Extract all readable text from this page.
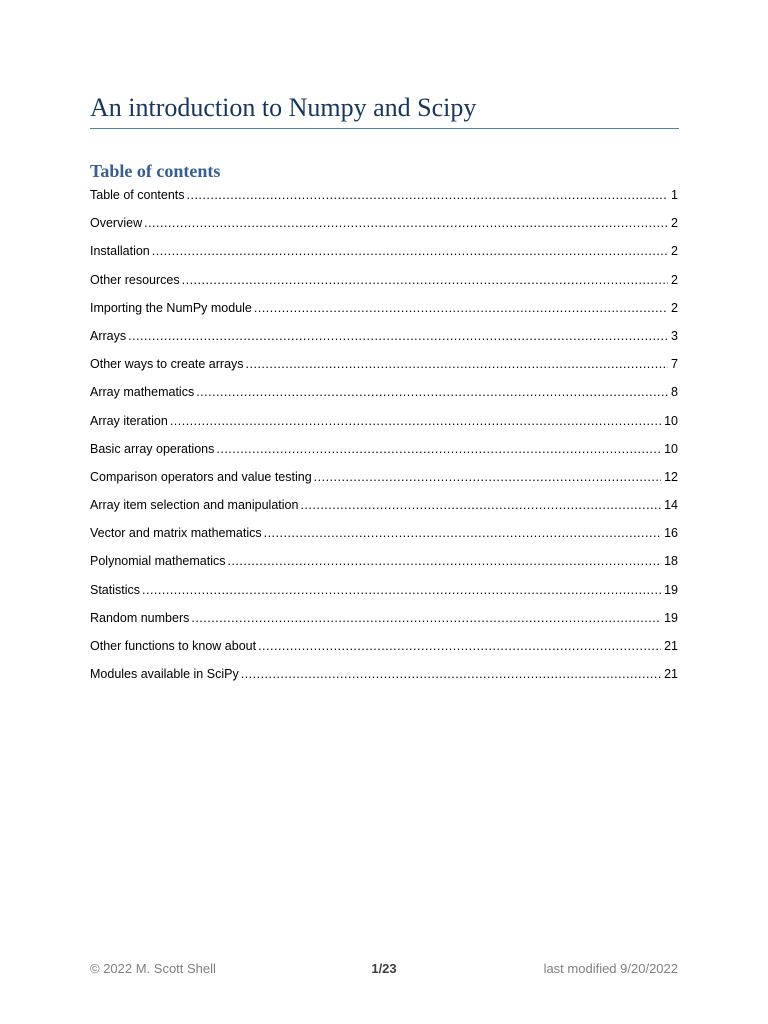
An introduction to Numpy and Scipy
Table of contents
Table of contents .....	1
Overview .....	2
Installation .....	2
Other resources .....	2
Importing the NumPy module .....	2
Arrays .....	3
Other ways to create arrays .....	7
Array mathematics .....	8
Array iteration .....	10
Basic array operations .....	10
Comparison operators and value testing .....	12
Array item selection and manipulation .....	14
Vector and matrix mathematics .....	16
Polynomial mathematics .....	18
Statistics .....	19
Random numbers .....	19
Other functions to know about .....	21
Modules available in SciPy .....	21
© 2022 M. Scott Shell	1/23	last modified 9/20/2022
